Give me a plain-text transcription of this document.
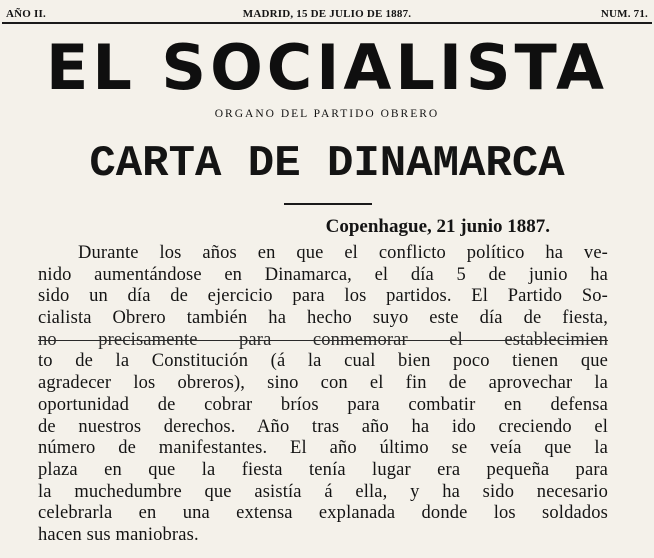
AÑO II.	MADRID, 15 DE JULIO DE 1887.	NUM. 71.
EL SOCIALISTA
ORGANO DEL PARTIDO OBRERO
CARTA DE DINAMARCA
Copenhague, 21 junio 1887.
Durante los años en que el conflicto político ha ve-
nido aumentándose en Dinamarca, el día 5 de junio ha
sido un día de ejercicio para los partidos. El Partido So-
cialista Obrero también ha hecho suyo este día de fiesta,
no precisamente para conmemorar el establecimien
to de la Constitución (á la cual bien poco tienen que
agradecer los obreros), sino con el fin de aprovechar la
oportunidad de cobrar bríos para combatir en defensa
de nuestros derechos. Año tras año ha ido creciendo el
número de manifestantes. El año último se veía que la
plaza en que la fiesta tenía lugar era pequeña para
la muchedumbre que asistía á ella, y ha sido necesario
celebrarla en una extensa explanada donde los soldados
hacen sus maniobras.
